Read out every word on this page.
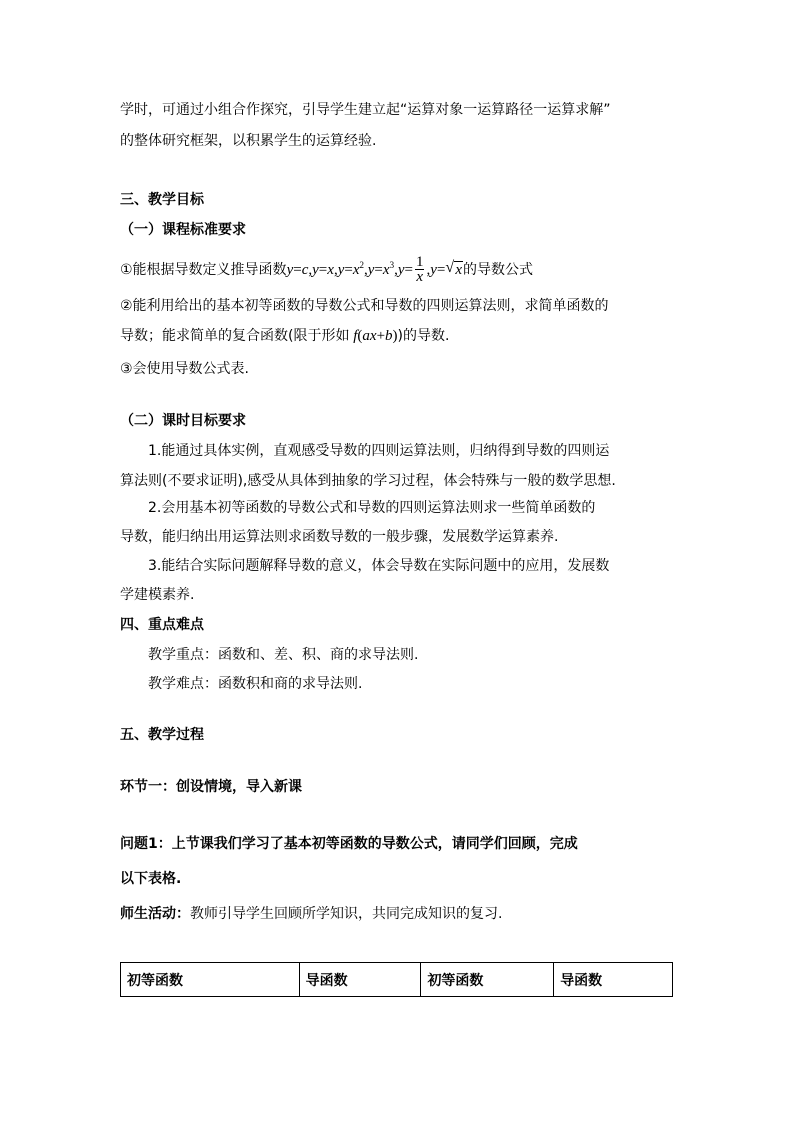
学时，可通过小组合作探究，引导学生建立起“运算对象一运算路径一运算求解”
的整体研究框架，以积累学生的运算经验.
三、教学目标
（一）课程标准要求
①能根据导数定义推导函数$y=c,y=x,y=x^2,y=x^3,y= \frac{1}{x} ,y=$ √ x的导数公式
②能利用给出的基本初等函数的导数公式和导数的四则运算法则，求简单函数的
导数；能求简单的复合函数(限于形如 f(ax+b))的导数.
③会使用导数公式表.
（二）课时目标要求
1.能通过具体实例，直观感受导数的四则运算法则，归纳得到导数的四则运
算法则(不要求证明),感受从具体到抽象的学习过程，体会特殊与一般的数学思想.
2.会用基本初等函数的导数公式和导数的四则运算法则求一些简单函数的
导数，能归纳出用运算法则求函数导数的一般步骤，发展数学运算素养.
3.能结合实际问题解释导数的意义，体会导数在实际问题中的应用，发展数
学建模素养.
四、重点难点
教学重点：函数和、差、积、商的求导法则.
教学难点：函数积和商的求导法则.
五、教学过程
环节一：创设情境，导入新课
问题1：上节课我们学习了基本初等函数的导数公式，请同学们回顾，完成
以下表格.
师生活动：教师引导学生回顾所学知识，共同完成知识的复习.
初等函数	导函数	初等函数	导函数
